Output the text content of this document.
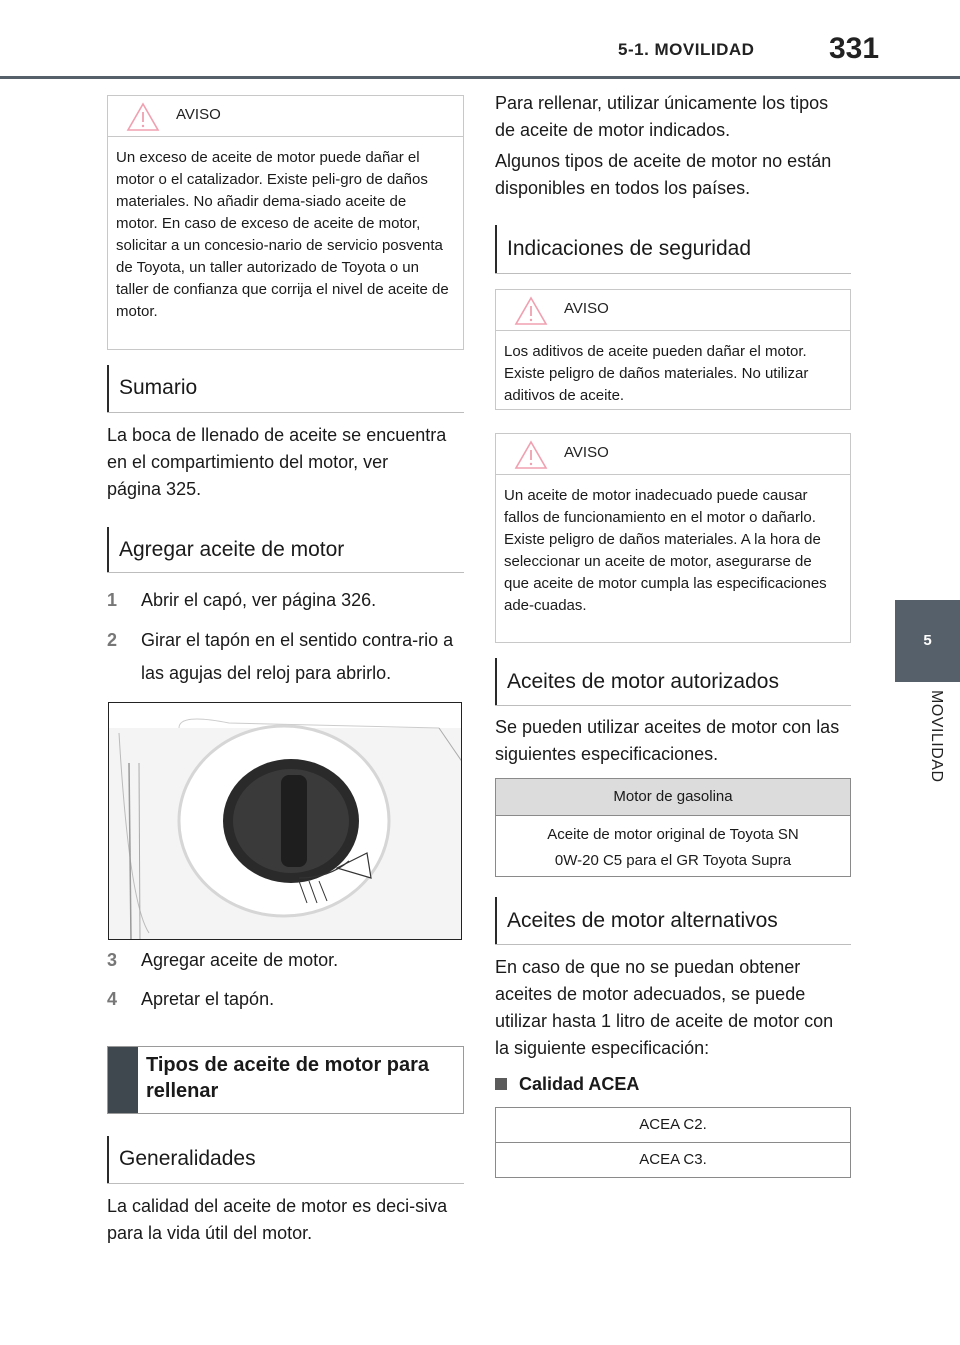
5-1. MOVILIDAD 331
5
MOVILIDAD
AVISO
Un exceso de aceite de motor puede dañar el motor o el catalizador. Existe peli-gro de daños materiales. No añadir dema-siado aceite de motor. En caso de exceso de aceite de motor, solicitar a un concesio-nario de servicio posventa de Toyota, un taller autorizado de Toyota o un taller de confianza que corrija el nivel de aceite de motor.
Sumario
La boca de llenado de aceite se encuentra en el compartimiento del motor, ver página 325.
Agregar aceite de motor
1 Abrir el capó, ver página 326.
2 Girar el tapón en el sentido contra-rio a las agujas del reloj para abrirlo.
3 Agregar aceite de motor.
4 Apretar el tapón.
Tipos de aceite de motor para rellenar
Generalidades
La calidad del aceite de motor es deci-siva para la vida útil del motor.
Para rellenar, utilizar únicamente los tipos de aceite de motor indicados.
Algunos tipos de aceite de motor no están disponibles en todos los países.
Indicaciones de seguridad
AVISO
Los aditivos de aceite pueden dañar el motor. Existe peligro de daños materiales. No utilizar aditivos de aceite.
AVISO
Un aceite de motor inadecuado puede causar fallos de funcionamiento en el motor o dañarlo. Existe peligro de daños materiales. A la hora de seleccionar un aceite de motor, asegurarse de que aceite de motor cumpla las especificaciones ade-cuadas.
Aceites de motor autorizados
Se pueden utilizar aceites de motor con las siguientes especificaciones.
Motor de gasolina
Aceite de motor original de Toyota SN
0W-20 C5 para el GR Toyota Supra
Aceites de motor alternativos
En caso de que no se puedan obtener aceites de motor adecuados, se puede utilizar hasta 1 litro de aceite de motor con la siguiente especificación:
Calidad ACEA
ACEA C2.
ACEA C3.
